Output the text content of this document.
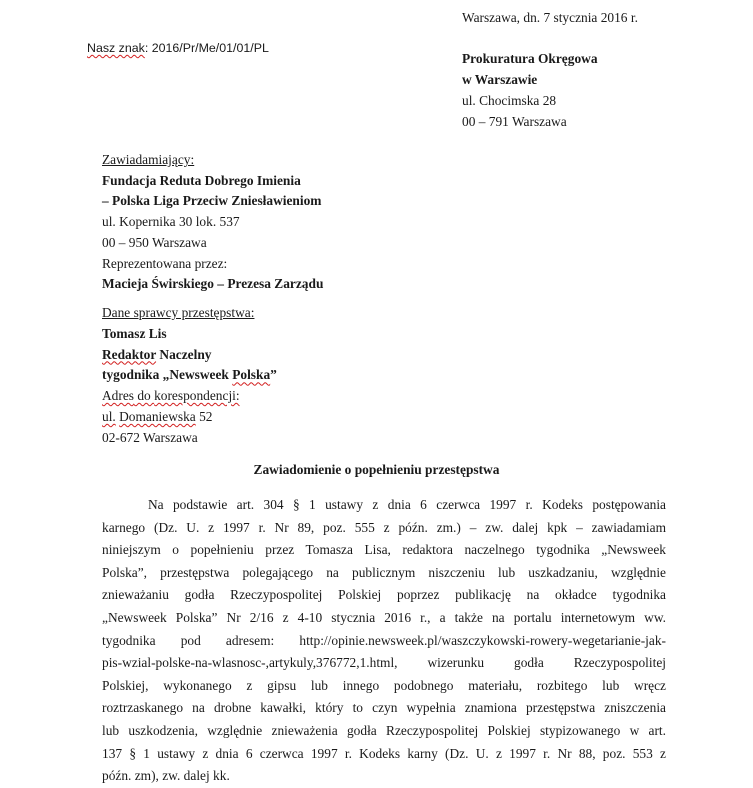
Warszawa, dn. 7 stycznia 2016 r.
Nasz znak: 2016/Pr/Me/01/01/PL
Prokuratura Okręgowa
w Warszawie
ul. Chocimska 28
00 – 791 Warszawa
Zawiadamiający:
Fundacja Reduta Dobrego Imienia
– Polska Liga Przeciw Zniesławieniom
ul. Kopernika 30 lok. 537
00 – 950 Warszawa
Reprezentowana przez:
Macieja Świrskiego – Prezesa Zarządu
Dane sprawcy przestępstwa:
Tomasz Lis
Redaktor Naczelny
tygodnika „Newsweek Polska”
Adres do korespondencji:
ul. Domaniewska 52
02-672 Warszawa
Zawiadomienie o popełnieniu przestępstwa
Na podstawie art. 304 § 1 ustawy z dnia 6 czerwca 1997 r. Kodeks postępowania
karnego (Dz. U. z 1997 r. Nr 89, poz. 555 z późn. zm.) – zw. dalej kpk – zawiadamiam
niniejszym o popełnieniu przez Tomasza Lisa, redaktora naczelnego tygodnika „Newsweek
Polska”, przestępstwa polegającego na publicznym niszczeniu lub uszkadzaniu, względnie
znieważaniu godła Rzeczypospolitej Polskiej poprzez publikację na okładce tygodnika
„Newsweek Polska” Nr 2/16 z 4-10 stycznia 2016 r., a także na portalu internetowym ww.
tygodnika pod adresem: http://opinie.newsweek.pl/waszczykowski-rowery-wegetarianie-jak-
pis-wzial-polske-na-wlasnosc-,artykuly,376772,1.html, wizerunku godła Rzeczypospolitej
Polskiej, wykonanego z gipsu lub innego podobnego materiału, rozbitego lub wręcz
roztrzaskanego na drobne kawałki, który to czyn wypełnia znamiona przestępstwa zniszczenia
lub uszkodzenia, względnie znieważenia godła Rzeczypospolitej Polskiej stypizowanego w art.
137 § 1 ustawy z dnia 6 czerwca 1997 r. Kodeks karny (Dz. U. z 1997 r. Nr 88, poz. 553 z
późn. zm), zw. dalej kk.
